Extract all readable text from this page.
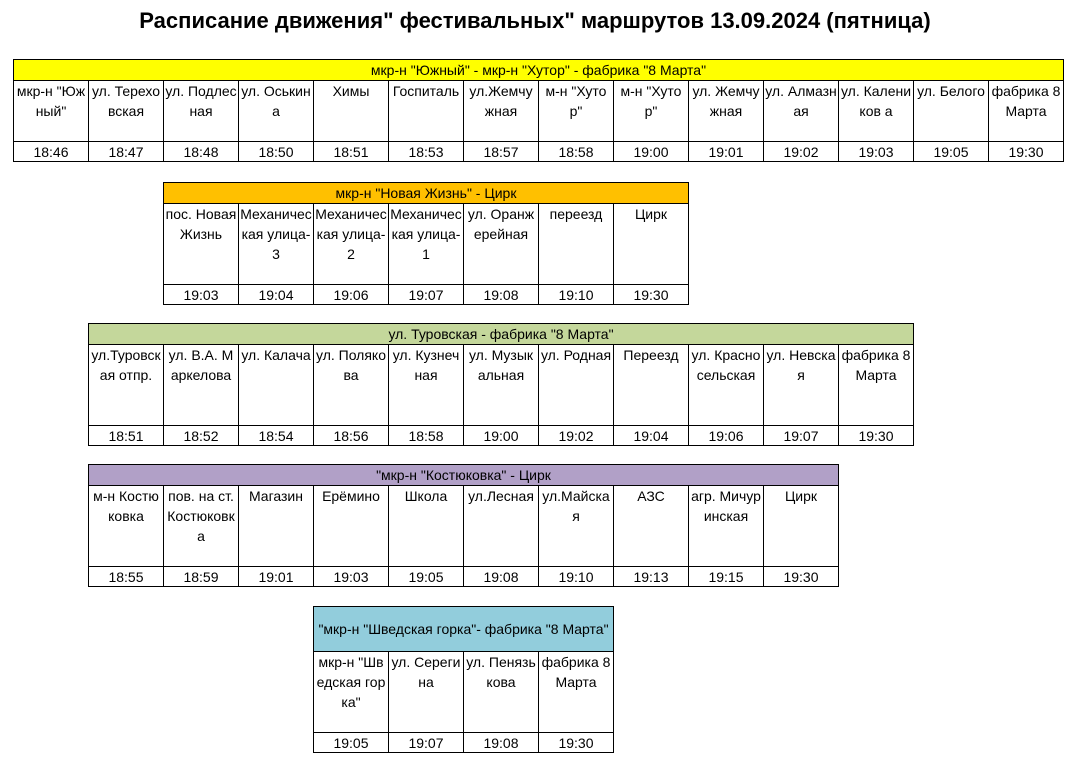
Расписание движения" фестивальных" маршрутов 13.09.2024 (пятница)
мкр-н "Южный" - мкр-н "Хутор" - фабрика "8 Марта"													
мкр-н "Южный"	ул. Тереховская	ул. Подлесная	ул. Оськина	Химы	Госпиталь	ул.Жемчужная	м-н "Хутор"	м-н "Хутор"	ул. Жемчужная	ул. Алмазная	ул. Калеников а	ул. Белого	фабрика 8 Марта
18:46	18:47	18:48	18:50	18:51	18:53	18:57	18:58	19:00	19:01	19:02	19:03	19:05	19:30
мкр-н "Новая Жизнь" - Цирк						
пос. Новая Жизнь	Механическая улица-3	Механическая улица-2	Механическая улица-1	ул. Оранжерейная	переезд	Цирк
19:03	19:04	19:06	19:07	19:08	19:10	19:30
ул. Туровская - фабрика "8 Марта"										
ул.Туровская отпр.	ул. В.А. Маркелова	ул. Калача	ул. Полякова	ул. Кузнечная	ул. Музыкальная	ул. Родная	Переезд	ул. Красносельская	ул. Невская	фабрика 8 Марта
18:51	18:52	18:54	18:56	18:58	19:00	19:02	19:04	19:06	19:07	19:30
"мкр-н "Костюковка" - Цирк									
м-н Костюковка	пов. на ст.Костюковка	Магазин	Ерёмино	Школа	ул.Лесная	ул.Майская	АЗС	агр. Мичуринская	Цирк
18:55	18:59	19:01	19:03	19:05	19:08	19:10	19:13	19:15	19:30
"мкр-н "Шведская горка"- фабрика "8 Марта"			
мкр-н "Шведская горка"	ул. Серегина	ул. Пенязькова	фабрика 8 Марта
19:05	19:07	19:08	19:30
